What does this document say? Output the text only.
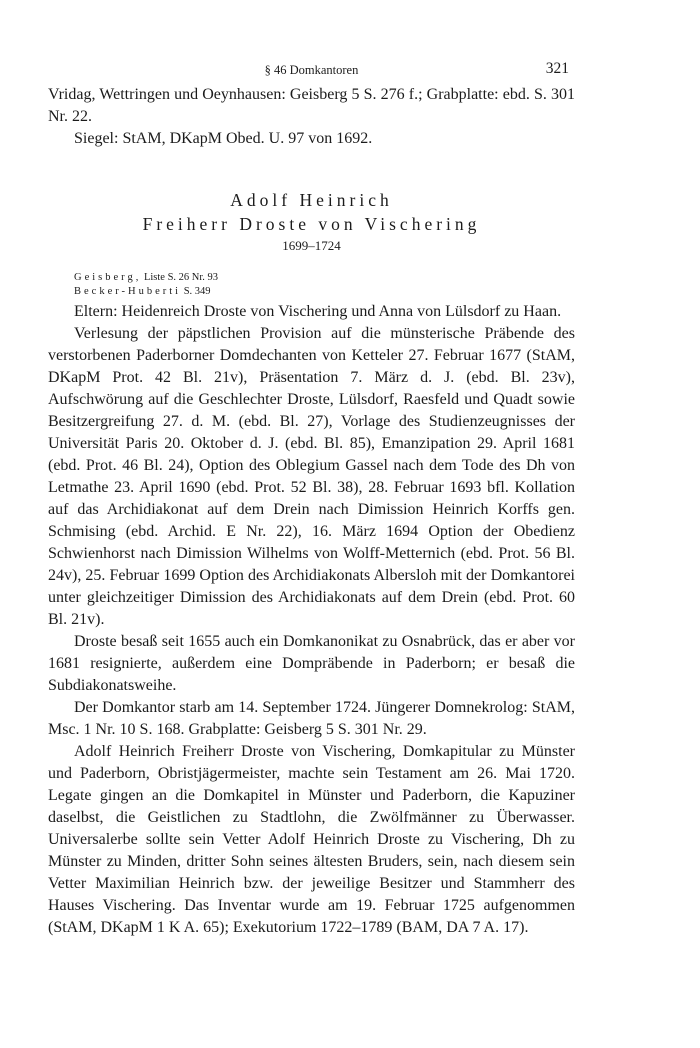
§ 46 Domkantoren	321

Vridag, Wettringen und Oeynhausen: Geisberg 5 S. 276 f.; Grabplatte: ebd. S. 301 Nr. 22.

Siegel: StAM, DKapM Obed. U. 97 von 1692.

Adolf Heinrich
Freiherr Droste von Vischering
1699–1724
Geisberg, Liste S. 26 Nr. 93
Becker-Huberti S. 349

Eltern: Heidenreich Droste von Vischering und Anna von Lülsdorf zu Haan.

Verlesung der päpstlichen Provision auf die münsterische Präbende des verstorbenen Paderborner Domdechanten von Ketteler 27. Februar 1677 (StAM, DKapM Prot. 42 Bl. 21v), Präsentation 7. März d. J. (ebd. Bl. 23v), Aufschwörung auf die Geschlechter Droste, Lülsdorf, Raesfeld und Quadt sowie Besitzergreifung 27. d. M. (ebd. Bl. 27), Vorlage des Studienzeugnisses der Universität Paris 20. Oktober d. J. (ebd. Bl. 85), Emanzipation 29. April 1681 (ebd. Prot. 46 Bl. 24), Option des Oblegium Gassel nach dem Tode des Dh von Letmathe 23. April 1690 (ebd. Prot. 52 Bl. 38), 28. Februar 1693 bfl. Kollation auf das Archidiakonat auf dem Drein nach Dimission Heinrich Korffs gen. Schmising (ebd. Archid. E Nr. 22), 16. März 1694 Option der Obedienz Schwienhorst nach Dimission Wilhelms von Wolff-Metternich (ebd. Prot. 56 Bl. 24v), 25. Februar 1699 Option des Archidiakonats Albersloh mit der Domkantorei unter gleichzeitiger Dimission des Archidiakonats auf dem Drein (ebd. Prot. 60 Bl. 21v).

Droste besaß seit 1655 auch ein Domkanonikat zu Osnabrück, das er aber vor 1681 resignierte, außerdem eine Dompräbende in Paderborn; er besaß die Subdiakonatsweihe.

Der Domkantor starb am 14. September 1724. Jüngerer Domnekrolog: StAM, Msc. 1 Nr. 10 S. 168. Grabplatte: Geisberg 5 S. 301 Nr. 29.

Adolf Heinrich Freiherr Droste von Vischering, Domkapitular zu Münster und Paderborn, Obristjägermeister, machte sein Testament am 26. Mai 1720. Legate gingen an die Domkapitel in Münster und Paderborn, die Kapuziner daselbst, die Geistlichen zu Stadtlohn, die Zwölfmänner zu Überwasser. Universalerbe sollte sein Vetter Adolf Heinrich Droste zu Vischering, Dh zu Münster zu Minden, dritter Sohn seines ältesten Bruders, sein, nach diesem sein Vetter Maximilian Heinrich bzw. der jeweilige Besitzer und Stammherr des Hauses Vischering. Das Inventar wurde am 19. Februar 1725 aufgenommen (StAM, DKapM 1 K A. 65); Exekutorium 1722–1789 (BAM, DA 7 A. 17).
